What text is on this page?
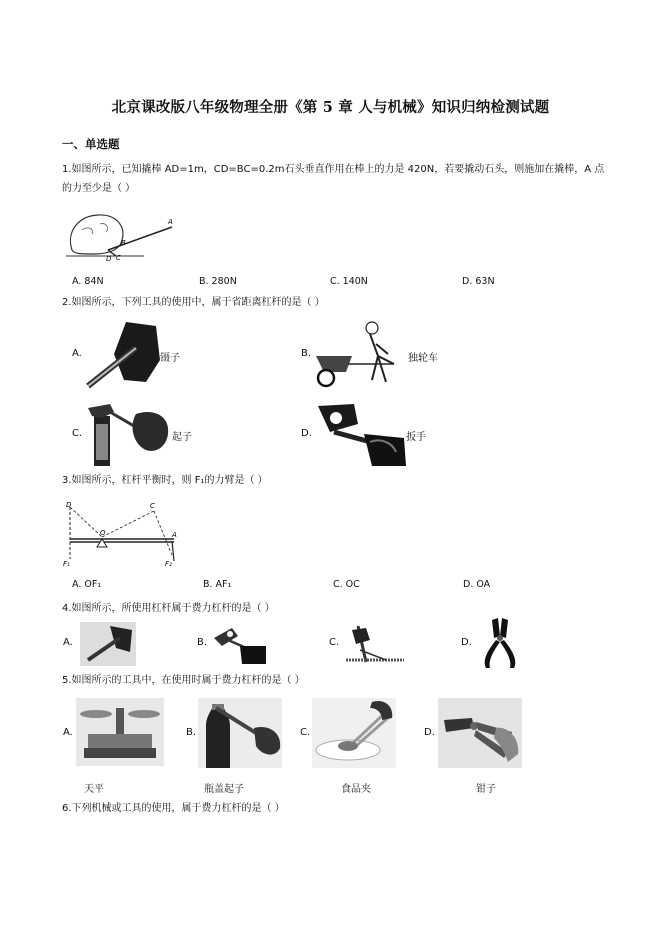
北京课改版八年级物理全册《第 5 章 人与机械》知识归纳检测试题
一、单选题
1.如图所示，已知撬棒 AD=1m，CD=BC=0.2m石头垂直作用在棒上的力是 420N，若要撬动石头，则施加在撬棒，A 点的力至少是（ ）
A
B
C
D
A. 84N	B. 280N	C. 140N	D. 63N
2.如图所示，下列工具的使用中，属于省距离杠杆的是（ ）
A.	镊子	B.	独轮车
C.	起子	D.	扳手
3.如图所示，杠杆平衡时，则 F₁的力臂是（ ）
D
O
C
A
F₁	F₂
A. OF₁	B. AF₁	C. OC	D. OA
4.如图所示，所使用杠杆属于费力杠杆的是（ ）
A.	B.	C.	D.
5.如图所示的工具中，在使用时属于费力杠杆的是（ ）
A.
天平
B.
瓶盖起子
C.
食品夹
D.
钳子
6.下列机械或工具的使用，属于费力杠杆的是（ ）
